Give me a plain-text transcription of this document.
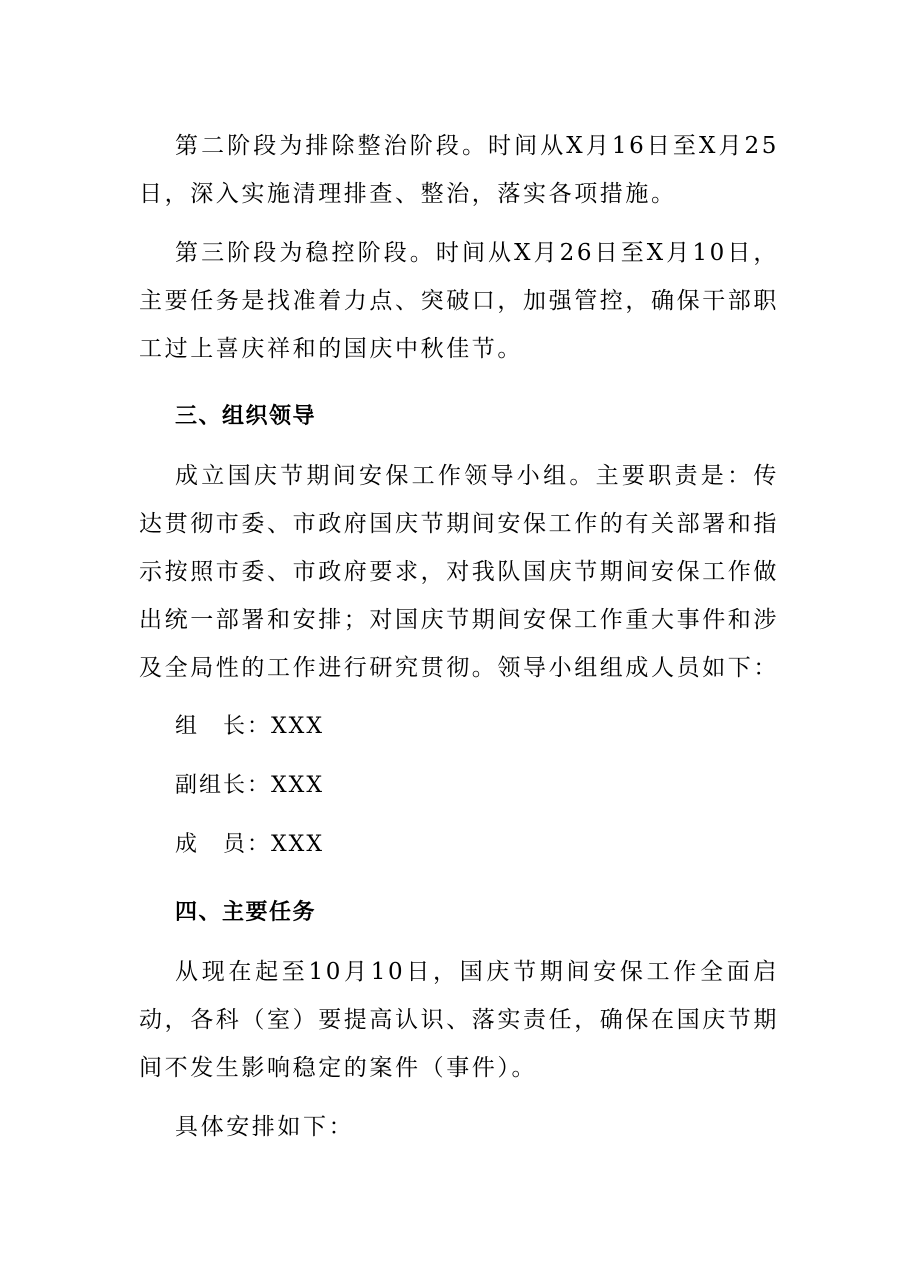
第二阶段为排除整治阶段。时间从X月16日至X月25日，深入实施清理排查、整治，落实各项措施。

第三阶段为稳控阶段。时间从X月26日至X月10日，主要任务是找准着力点、突破口，加强管控，确保干部职工过上喜庆祥和的国庆中秋佳节。

三、组织领导

成立国庆节期间安保工作领导小组。主要职责是：传达贯彻市委、市政府国庆节期间安保工作的有关部署和指示按照市委、市政府要求，对我队国庆节期间安保工作做出统一部署和安排；对国庆节期间安保工作重大事件和涉及全局性的工作进行研究贯彻。领导小组组成人员如下：

组　长：XXX

副组长：XXX

成　员：XXX

四、主要任务

从现在起至10月10日，国庆节期间安保工作全面启动，各科（室）要提高认识、落实责任，确保在国庆节期间不发生影响稳定的案件（事件）。

具体安排如下：
